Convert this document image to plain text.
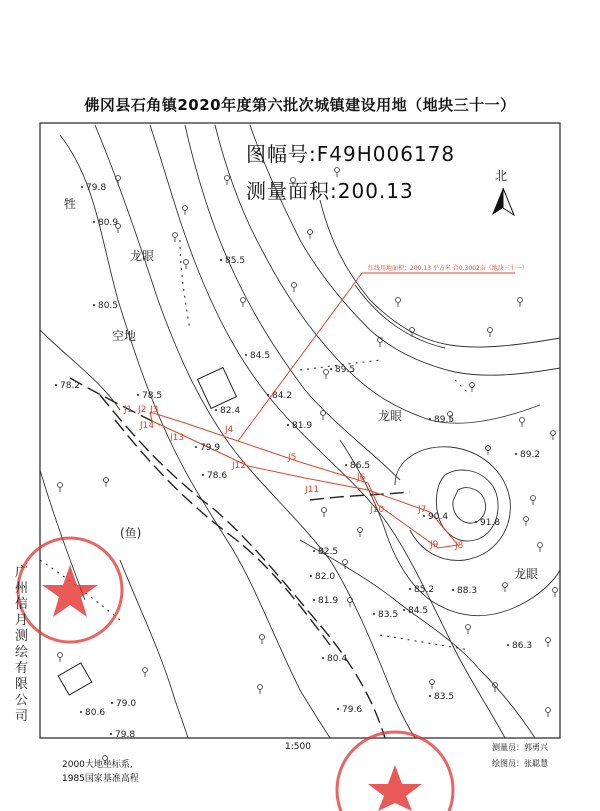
北
红线用地面积：200.13 平方米 合0.3002亩（地块三十一）
J1 J2 J3
J14
J13
J4
J12
J5
J11
J6
J10	J7
J9 J8
79.8
80.9
85.5
80.5
84.5
89.5
78.2
78.5	84.2
82.4
81.9
89.5
89.2
79.9
86.5
78.6
90.4
91.8
82.5
82.0
85.2	88.3
81.9
84.5
83.5
86.3
80.4
83.5
80.6
79.0
79.6
79.8
牲
龙眼
空地
龙眼
(鱼)
龙眼
佛冈县石角镇2020年度第六批次城镇建设用地（地块三十一）
图幅号:F49H006178
测量面积:200.13
广州信月测绘有限公司
1:500	测量员：郭勇兴
绘图员：张聪慧
2000大地坐标系,
1985国家基准高程
